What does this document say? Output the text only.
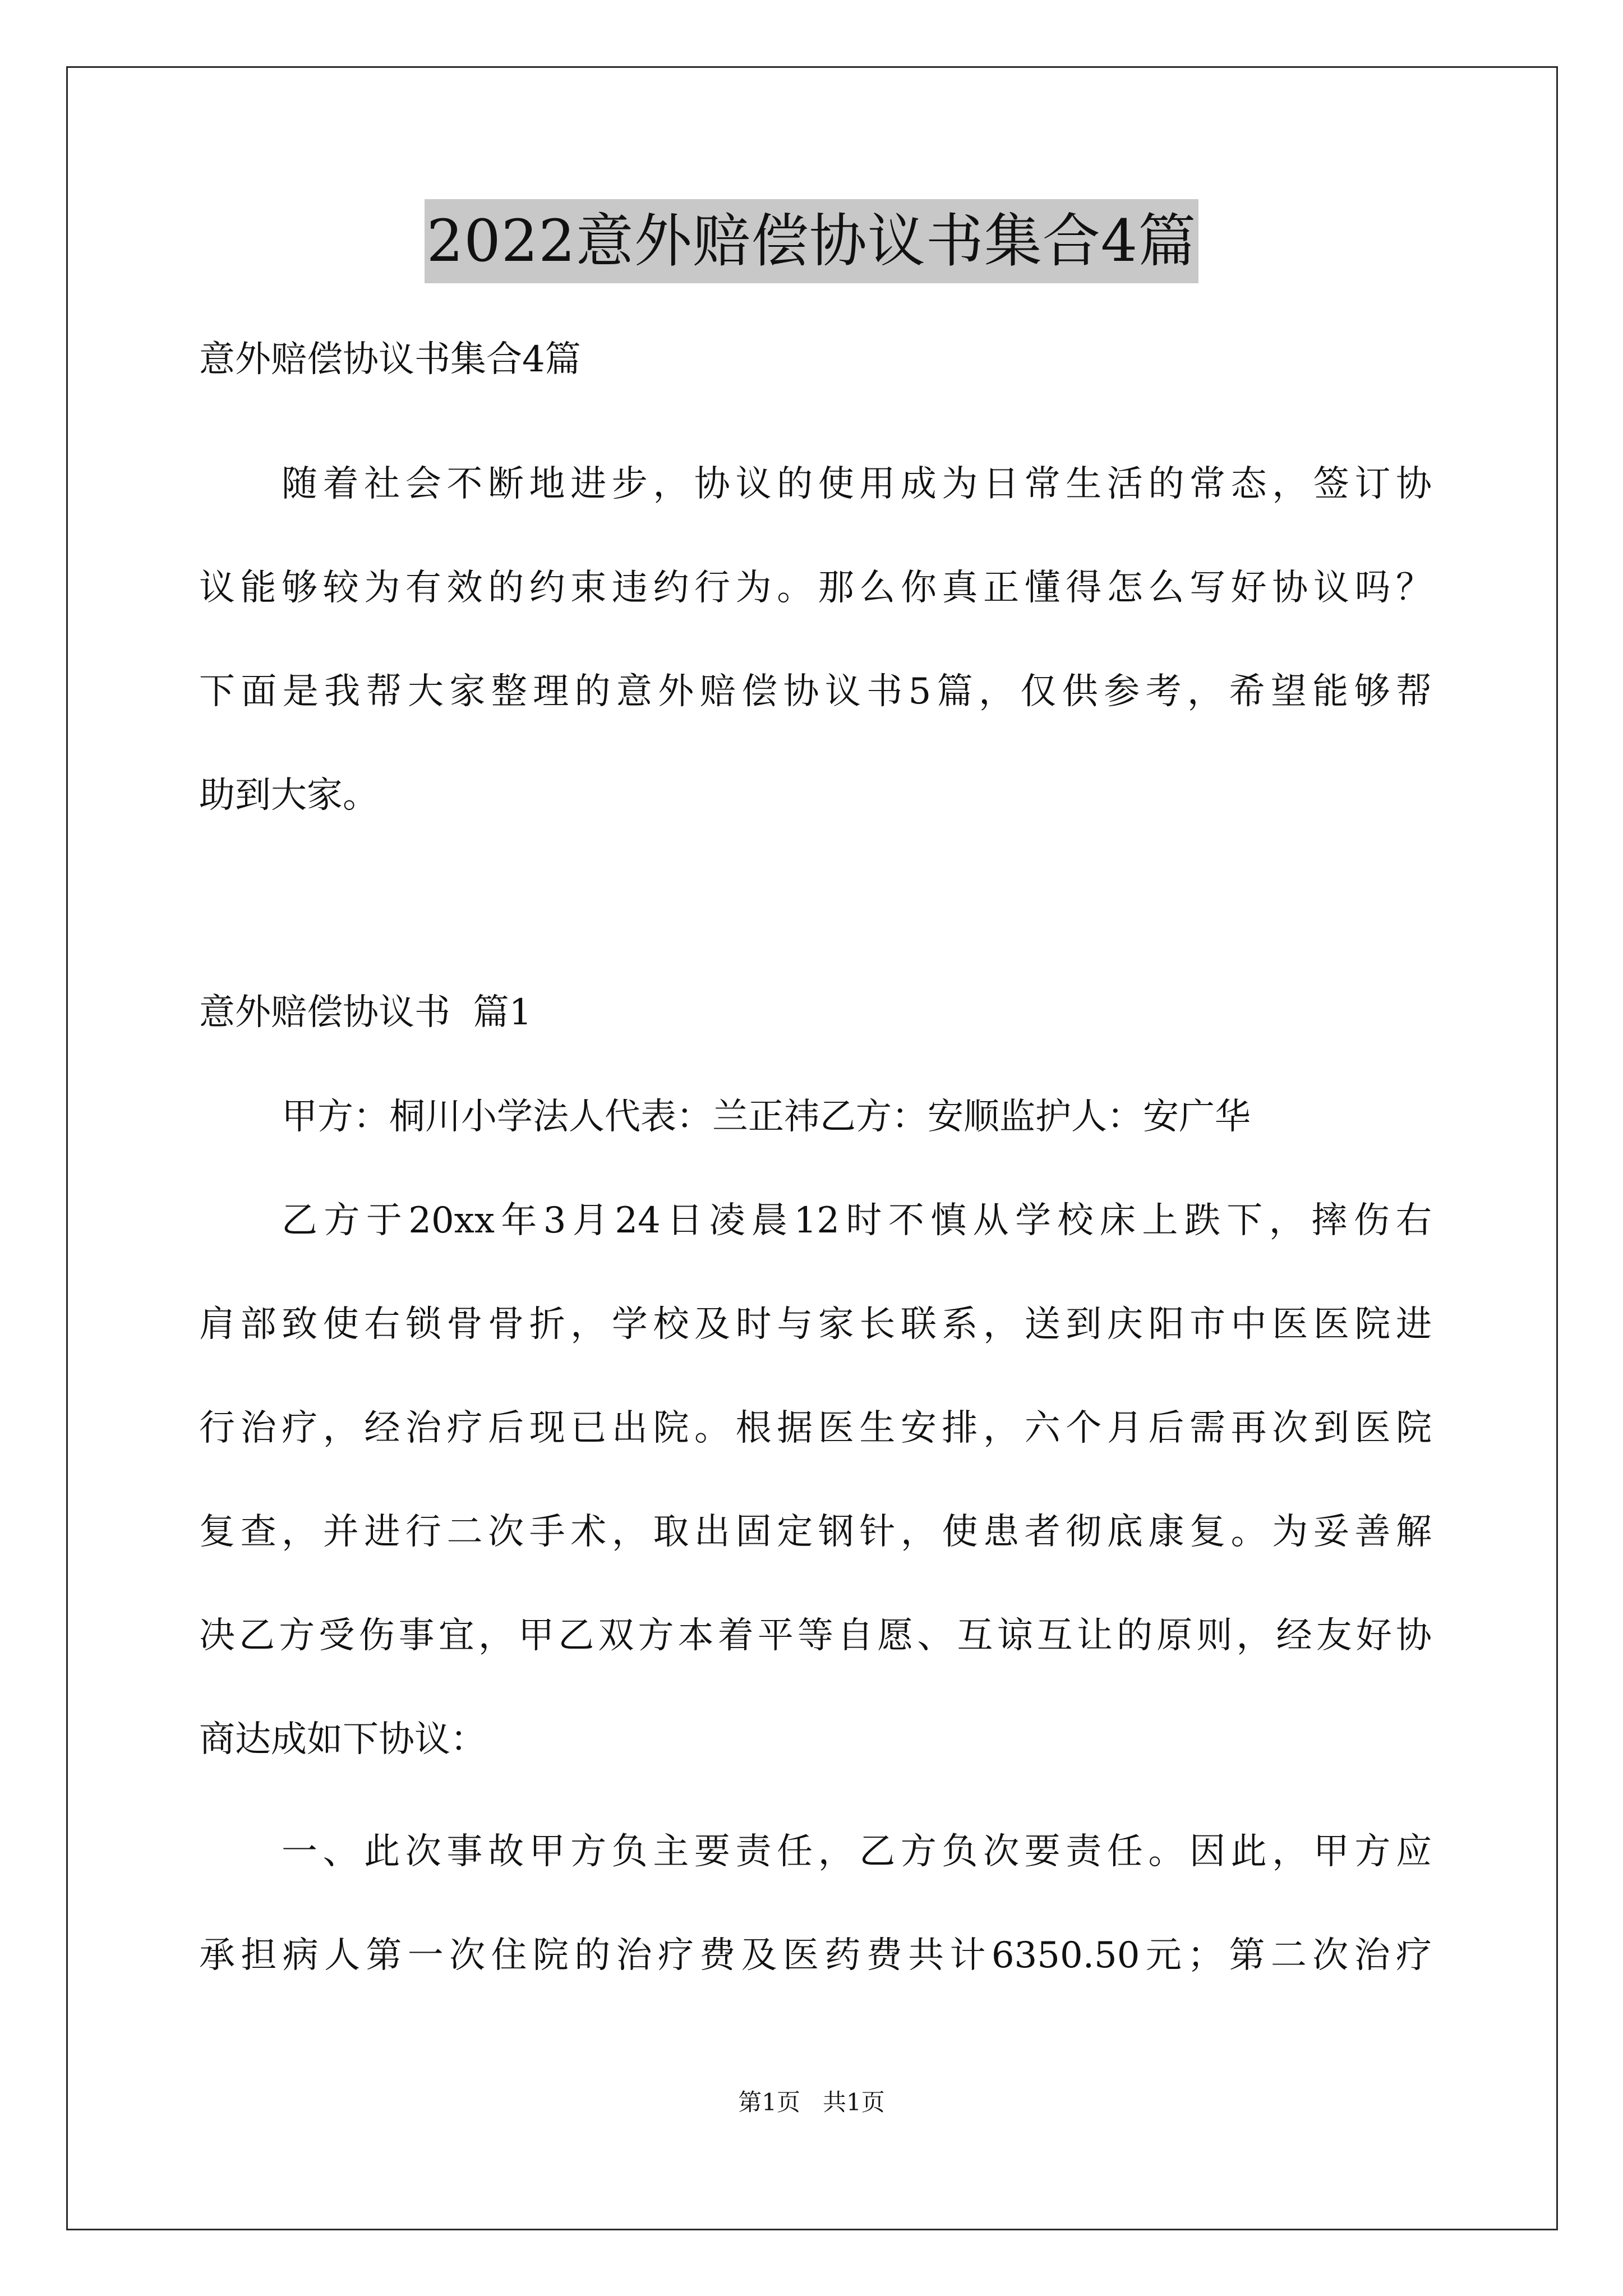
2022意外赔偿协议书集合4篇
意外赔偿协议书集合4篇
随着社会不断地进步，协议的使用成为日常生活的常态，签订协
议能够较为有效的约束违约行为。那么你真正懂得怎么写好协议吗？
下面是我帮大家整理的意外赔偿协议书5篇，仅供参考，希望能够帮
助到大家。
意外赔偿协议书  篇1
甲方：桐川小学法人代表：兰正祎乙方：安顺监护人：安广华
乙方于20xx年3月24日凌晨12时不慎从学校床上跌下，摔伤右
肩部致使右锁骨骨折，学校及时与家长联系，送到庆阳市中医医院进
行治疗，经治疗后现已出院。根据医生安排，六个月后需再次到医院
复查，并进行二次手术，取出固定钢针，使患者彻底康复。为妥善解
决乙方受伤事宜，甲乙双方本着平等自愿、互谅互让的原则，经友好协
商达成如下协议：
一、此次事故甲方负主要责任，乙方负次要责任。因此，甲方应
承担病人第一次住院的治疗费及医药费共计6350.50元；第二次治疗
第1页   共1页
